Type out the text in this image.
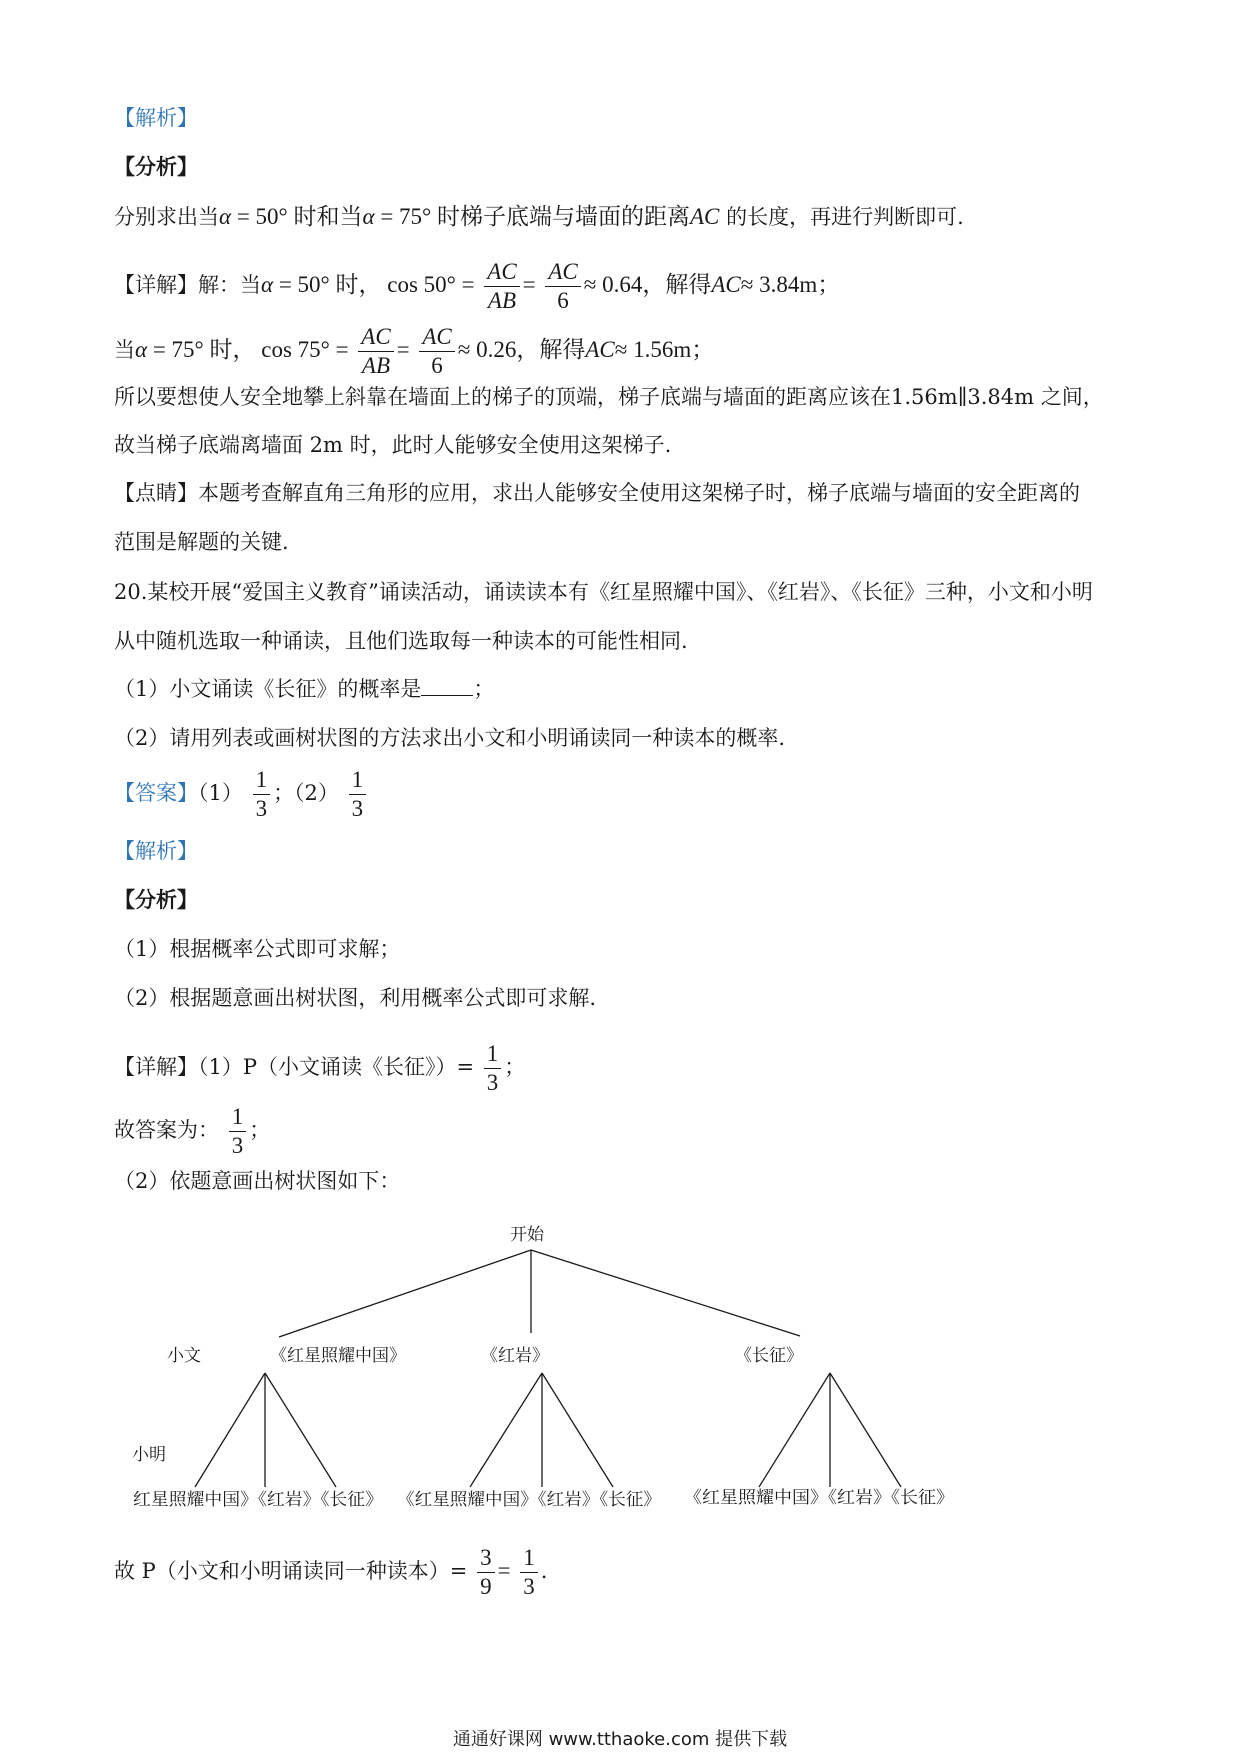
【解析】
【分析】
分别求出当α = 50° 时和当α = 75° 时梯子底端与墙面的距离AC 的长度，再进行判断即可.
【详解】解：当α = 50° 时， $\cos 50^\circ = \frac{AC}{AB} = \frac{AC}{6} \approx 0.64$，解得AC≈ 3.84m；
当α = 75° 时， $\cos 75^\circ = \frac{AC}{AB} = \frac{AC}{6} \approx 0.26$，解得AC≈ 1.56m；
所以要想使人安全地攀上斜靠在墙面上的梯子的顶端，梯子底端与墙面的距离应该在1.56m∥3.84m 之间，
故当梯子底端离墙面 2m 时，此时人能够安全使用这架梯子.
【点睛】本题考查解直角三角形的应用，求出人能够安全使用这架梯子时，梯子底端与墙面的安全距离的
范围是解题的关键.
20.某校开展“爱国主义教育”诵读活动，诵读读本有《红星照耀中国》、《红岩》、《长征》三种，小文和小明
从中随机选取一种诵读，且他们选取每一种读本的可能性相同.
（1）小文诵读《长征》的概率是 ；
（2）请用列表或画树状图的方法求出小文和小明诵读同一种读本的概率.
【答案】$(1) \frac{1}{3}$ ；$(2) \frac{1}{3}$
【解析】
【分析】
（1）根据概率公式即可求解；
（2）根据题意画出树状图，利用概率公式即可求解.
【详解】（1）P（小文诵读《长征》）= $\frac{1}{3}$ ；
故答案为： $\frac{1}{3}$ ；
（2）依题意画出树状图如下：
开始
小文	《红星照耀中国》	《红岩》	《长征》
小明
红星照耀中国》《红岩》《长征》 《红星照耀中国》《红岩》《长征》 《红星照耀中国》《红岩》《长征》
故 P（小文和小明诵读同一种读本）= $\frac{3}{9} = \frac{1}{3}$ .
通通好课网 www.tthaoke.com 提供下载
